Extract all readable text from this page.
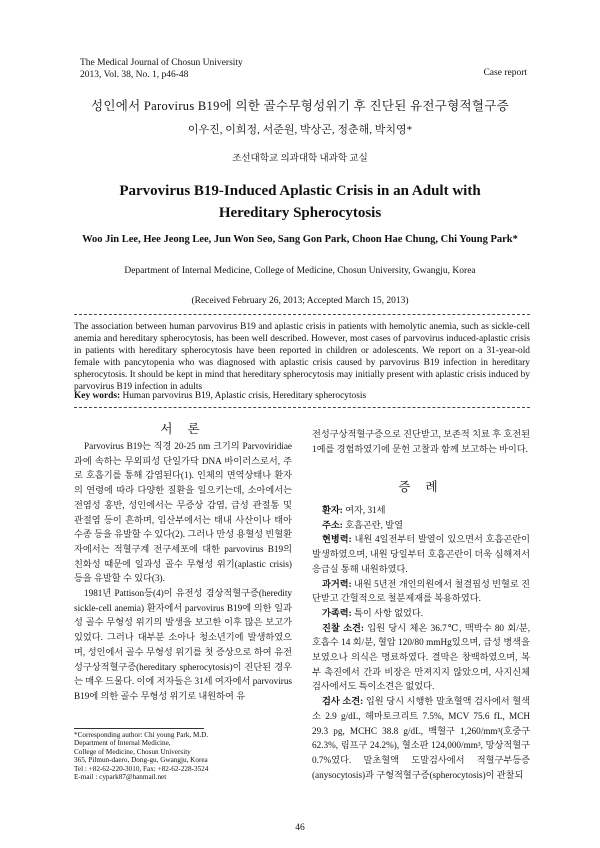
The Medical Journal of Chosun University
2013, Vol. 38, No. 1, p46-48	Case report
성인에서 Parovirus B19에 의한 골수무형성위기 후 진단된 유전구형적혈구증
이우진, 이희정, 서준원, 박상곤, 정춘해, 박치영*
조선대학교 의과대학 내과학 교실
Parvovirus B19-Induced Aplastic Crisis in an Adult with
Hereditary Spherocytosis
Woo Jin Lee, Hee Jeong Lee, Jun Won Seo, Sang Gon Park, Choon Hae Chung, Chi Young Park*
Department of Internal Medicine, College of Medicine, Chosun University, Gwangju, Korea
(Received February 26, 2013; Accepted March 15, 2013)
The association between human parvovirus B19 and aplastic crisis in patients with hemolytic anemia, such as sickle-cell anemia and hereditary spherocytosis, has been well described. However, most cases of parvovirus induced-aplastic crisis in patients with hereditary spherocytosis have been reported in children or adolescents. We report on a 31-year-old female with pancytopenia who was diagnosed with aplastic crisis caused by parvovirus B19 infection in hereditary spherocytosis. It should be kept in mind that hereditary spherocytosis may initially present with aplastic crisis induced by parvovirus B19 infection in adults
Key words: Human parvovirus B19, Aplastic crisis, Hereditary spherocytosis
서 론

Parvovirus B19는 직경 20-25 nm 크기의 Parvoviridiae과에 속하는 무외피성 단일가닥 DNA 바이러스로서, 주로 호흡기를 통해 감염된다(1). 인체의 면역상태나 환자의 연령에 따라 다양한 질환을 일으키는데, 소아에서는 전염성 홍반, 성인에서는 무증상 감염, 급성 관절통 및 관절염 등이 흔하며, 임산부에서는 태내 사산이나 태아수종 등을 유발할 수 있다(2). 그러나 만성 용혈성 빈혈환자에서는 적혈구계 전구세포에 대한 parvovirus B19의 친화성 때문에 일과성 골수 무형성 위기(aplastic crisis) 등을 유발할 수 있다(3).

1981년 Pattison등(4)이 유전성 겸상적혈구증(heredity sickle-cell anemia) 환자에서 parvovirus B19에 의한 일과성 골수 무형성 위기의 발생을 보고한 이후 많은 보고가 있었다. 그러나 대부분 소아나 청소년기에 발생하였으며, 성인에서 골수 무형성 위기를 첫 증상으로 하여 유전성구상적혈구증(hereditary spherocytosis)이 진단된 경우는 매우 드물다. 이에 저자들은 31세 여자에서 parvovirus B19에 의한 골수 무형성 위기로 내원하여 유

전성구상적혈구증으로 진단받고, 보존적 치료 후 호전된 1예를 경험하였기에 문헌 고찰과 함께 보고하는 바이다.
증 례

환자: 여자, 31세

주소: 호흡곤란, 발열

현병력: 내원 4일전부터 발열이 있으면서 호흡곤란이 발생하였으며, 내원 당일부터 호흡곤란이 더욱 심해져서 응급실 통해 내원하였다.

과거력: 내원 5년전 개인의원에서 철결핍성 빈혈로 진단받고 간헐적으로 철분제재를 복용하였다.

가족력: 특이 사항 없었다.

진찰 소견: 입원 당시 체온 36.7℃, 맥박수 80 회/분, 호흡수 14 회/분, 혈압 120/80 mmHg있으며, 급성 병색을 보였으나 의식은 명료하였다. 결막은 창백하였으며, 복부 촉진에서 간과 비장은 만져지지 않았으며, 사지신체검사에서도 특이소견은 없었다.

검사 소견: 입원 당시 시행한 말초혈액 검사에서 혈색소 2.9 g/dL, 헤마토크리트 7.5%, MCV 75.6 fL, MCH 29.3 pg, MCHC 38.8 g/dL, 백혈구 1,260/mm³(호중구 62.3%, 림프구 24.2%), 혈소판 124,000/mm³, 망상적혈구 0.7%였다. 말초혈액 도말검사에서 적혈구부등증(anysocytosis)과 구형적혈구증(spherocytosis)이 관찰되

*Corresponding author: Chi young Park, M.D.
Department of Internal Medicine,
College of Medicine, Chosun University
365, Pilmun-daero, Dong-gu, Gwangju, Korea
Tel : +82-62-220-3010, Fax: +82-62-228-3524
E-mail : cypark87@hanmail.net
46
